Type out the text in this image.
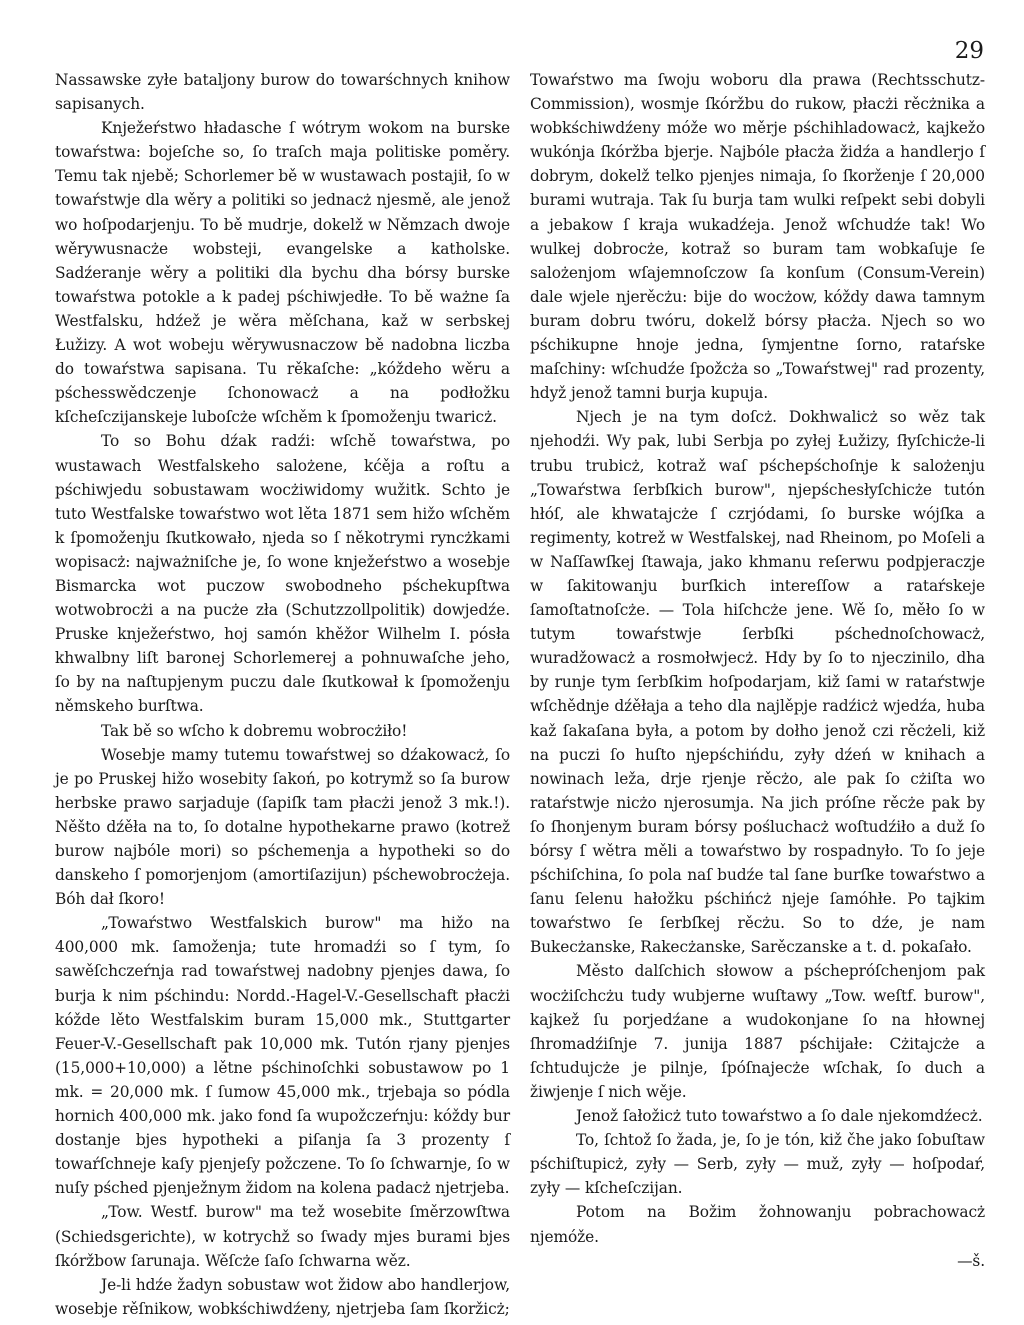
29

Nassawske zyłe bataljony burow do towarśchnych knihow sapisanych.

Knježeŕstwo hładasche ſ wótrym wokom na burske towaŕstwa: bojeſche so, ſo traſch maja politiske poměry. Temu tak njebě; Schorlemer bě w wustawach postajił, ſo w towaŕstwje dla wěry a politiki so jednacż njesmě, ale jenož wo hoſpodarjenju. To bě mudrje, dokelž w Němzach dwoje wěrywusnacże wobsteji, evangelske a katholske. Sadźeranje wěry a politiki dla bychu dha bórsy burske towaŕstwa potokle a k padej pśchiwjedłe. To bě ważne ſa Westfalsku, hdźež je wěra měſchana, kaž w serbskej Łužizy. A wot wobeju wěrywusnaczow bě nadobna liczba do towaŕstwa sapisana. Tu rěkaſche: „kóždeho wěru a pśchesswědczenje ſchonowacż a na podłožku kſcheſczijanskeje luboſcże wſchěm k ſpomoženju twaricż.

To so Bohu dźak radźi: wſchě towaŕstwa, po wustawach Westfalskeho salożene, kćěja a roſtu a pśchiwjedu sobustawam wocżiwidomy wužitk. Schto je tuto Westfalske towaŕstwo wot lěta 1871 sem hižo wſchěm k ſpomoženju ſkutkowało, njeda so ſ někotrymi ryncżkami wopisacż: najważniſche je, ſo wone knježeŕstwo a wosebje Bismarcka wot puczow swobodneho pśchekupſtwa wotwobrocżi a na pucże zła (Schutzzollpolitik) dowjedźe. Pruske knježeŕstwo, hoj samón khěžor Wilhelm I. pósła khwalbny liſt baronej Schorlemerej a pohnuwaſche jeho, ſo by na naſtupjenym puczu dale ſkutkował k ſpomoženju němskeho burſtwa.

Tak bě so wſcho k dobremu wobrocżiło!

Wosebje mamy tutemu towaŕstwej so dźakowacż, ſo je po Pruskej hižo wosebity ſakoń, po kotrymž so ſa burow herbske prawo sarjaduje (ſapiſk tam płacżi jenož 3 mk.!). Něšto dźěła na to, ſo dotalne hypothekarne prawo (kotrež burow najbóle mori) so pśchemenja a hypotheki so do danskeho ſ pomorjenjom (amortiſazijun) pśchewobrocżeja. Bóh dał ſkoro!

„Towaŕstwo Westfalskich burow" ma hižo na 400,000 mk. ſamoženja; tute hromadźi so ſ tym, ſo sawěſchczeŕnja rad towaŕstwej nadobny pjenjes dawa, ſo burja k nim pśchindu: Nordd.-Hagel-V.-Gesellschaft płacżi kóžde lěto Westfalskim buram 15,000 mk., Stuttgarter Feuer-V.-Gesellschaft pak 10,000 mk. Tutón rjany pjenjes (15,000+10,000) a lětne pśchinoſchki sobustawow po 1 mk. = 20,000 mk. ſ ſumow 45,000 mk., trjebaja so pódla hornich 400,000 mk. jako fond ſa wupožczeŕnju: kóždy bur dostanje bjes hypotheki a piſanja ſa 3 prozenty ſ towaŕſchneje kaſy pjenjeſy požczene. To ſo ſchwarnje, ſo w nuſy pśched pjenježnym židom na kolena padacż njetrjeba.

„Tow. Westf. burow" ma tež wosebite ſměrzowſtwa (Schiedsgerichte), w kotrychž so ſwady mjes burami bjes ſkóržbow ſarunaja. Wěſcże ſaſo ſchwarna wěz.

Je-li hdźe žadyn sobustaw wot židow abo handlerjow, wosebje rěſnikow, wobkśchiwdźeny, njetrjeba ſam ſkoržicż;

Towaŕstwo ma ſwoju woboru dla prawa (Rechtsschutz-Commission), wosmje ſkóržbu do rukow, płacżi rěcżnika a wobkśchiwdźeny móže wo měrje pśchihladowacż, kajkežo wukónja ſkóržba bjerje. Najbóle płacża židźa a handlerjo ſ dobrym, dokelž telko pjenjes nimaja, ſo ſkorženje ſ 20,000 burami wutraja. Tak ſu burja tam wulki reſpekt sebi dobyli a jebakow ſ kraja wukadźeja. Jenož wſchudźe tak! Wo wulkej dobrocże, kotraž so buram tam wobkaſuje ſe salożenjom wſajemnoſczow ſa konſum (Consum-Verein) dale wjele njerěcżu: bije do wocżow, kóždy dawa tamnym buram dobru twóru, dokelž bórsy płacża. Njech so wo pśchikupne hnoje jedna, ſymjentne ſorno, rataŕske maſchiny: wſchudźe ſpožcża so „Towaŕstwej" rad prozenty, hdyž jenož tamni burja kupuja.

Njech je na tym doſcż. Dokhwalicż so wěz tak njehodźi. Wy pak, lubi Serbja po zyłej Łužizy, ſłyſchicże-li trubu trubicż, kotraž waſ pśchepśchoſnje k salożenju „Towaŕstwa ſerbſkich burow", njepśchesłyſchicże tutón hłóſ, ale khwatajcże ſ czrjódami, ſo burske wójſka a regimenty, kotrež w Westfalskej, nad Rheinom, po Moſeli a w Naſſawſkej ſtawaja, jako khmanu reſerwu podpjeraczje w ſakitowanju burſkich intereſſow a rataŕskeje ſamoſtatnoſcże. — Tola hiſchcże jene. Wě ſo, měło ſo w tutym towaŕstwje ſerbſki pśchednoſchowacż, wuradžowacż a rosmołwjecż. Hdy by ſo to njeczinilo, dha by runje tym ſerbſkim hoſpodarjam, kiž ſami w rataŕstwje wſchědnje dźěłaja a teho dla najlěpje radźicż wjedźa, huba kaž ſakaſana była, a potom by dołho jenož czi rěcżeli, kiž na puczi ſo huſto njepśchińdu, zyły dźeń w knihach a nowinach leža, drje rjenje rěcżo, ale pak ſo cżiſta wo rataŕstwje nicżo njerosumja. Na jich próſne rěcże pak by ſo ſhonjenym buram bórsy pośluchacż woſtudźiło a duž ſo bórsy ſ wětra měli a towaŕstwo by rospadnyło. To ſo jeje pśchiſchina, ſo pola naſ budźe tal ſane burſke towaŕstwo a ſanu ſelenu hałožku pśchińcż njeje ſamóhłe. Po tajkim towaŕstwo ſe ſerbſkej rěcżu. So to dźe, je nam Bukecżanske, Rakecżanske, Sarěczanske a t. d. pokaſało.

Město dalſchich słowow a pśchepróſchenjom pak wocżiſchcżu tudy wubjerne wuſtawy „Tow. weſtf. burow", kajkež ſu porjedźane a wudokonjane ſo na hłownej ſhromadźiſnje 7. junija 1887 pśchijałe: Cżitajcże a ſchtudujcże je pilnje, ſpóſnajecże wſchak, ſo duch a žiwjenje ſ nich wěje.

Jenož ſałožicż tuto towaŕstwo a ſo dale njekomdźecż.

To, ſchtož ſo žada, je, ſo je tón, kiž čhe jako ſobuſtaw pśchiſtupicż, zyły — Serb, zyły — muž, zyły — hoſpodaŕ, zyły — kſcheſczijan.

Potom na Božim žohnowanju pobrachowacż njemóže.

—š.
